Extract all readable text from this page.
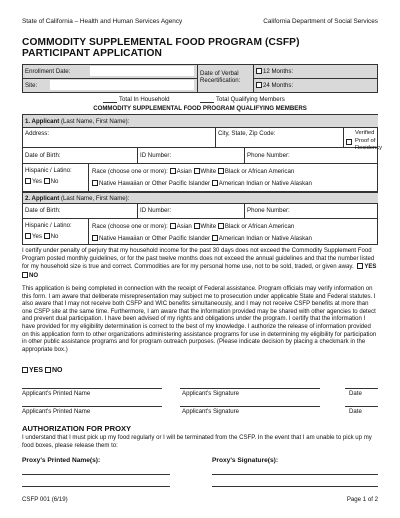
State of California – Health and Human Services Agency	California Department of Social Services
COMMODITY SUPPLEMENTAL FOOD PROGRAM (CSFP)
PARTICIPANT APPLICATION
Enrollment Date:
Site:
Date of Verbal Recertification:
12 Months:
24 Months:
Total In Household	Total Qualifying Members
COMMODITY SUPPLEMENTAL FOOD PROGRAM QUALIFYING MEMBERS
1. Applicant (Last Name, First Name):
Address:	City, State, Zip Code:	Verified Proof of Residency
Date of Birth:	ID Number:	Phone Number:
Hispanic / Latino:
Yes No
Race (choose one or more): Asian White Black or African American
Native Hawaiian or Other Pacific Islander American Indian or Native Alaskan
2. Applicant (Last Name, First Name):
Date of Birth:	ID Number:	Phone Number:
Hispanic / Latino:
Yes No
Race (choose one or more): Asian White Black or African American
Native Hawaiian or Other Pacific Islander American Indian or Native Alaskan
I certify under penalty of perjury that my household income for the past 30 days does not exceed the Commodity Supplement Food Program posted monthly guidelines, or for the past twelve months does not exceed the annual guidelines and that the number listed for my household size is true and correct. Commodities are for my personal home use, not to be sold, traded, or given away. YES NO
This application is being completed in connection with the receipt of Federal assistance. Program officials may verify information on this form. I am aware that deliberate misrepresentation may subject me to prosecution under applicable State and Federal statutes. I also aware that I may not receive both CSFP and WIC benefits simultaneously, and I may not receive CSFP benefits at more than one CSFP site at the same time. Furthermore, I am aware that the information provided may be shared with other agencies to detect and prevent dual participation. I have been advised of my rights and obligations under the program. I certify that the information I have provided for my eligibility determination is correct to the best of my knowledge. I authorize the release of information provided on this application form to other organizations administering assistance programs for use in determining my eligibility for participation in other public assistance programs and for program outreach purposes. (Please indicate decision by placing a checkmark in the appropriate box.)
YES NO
Applicant's Printed Name	Applicant's Signature	Date
Applicant's Printed Name	Applicant's Signature	Date
AUTHORIZATION FOR PROXY
I understand that I must pick up my food regularly or I will be terminated from the CSFP. In the event that I am unable to pick up my food boxes, please release them to:
Proxy's Printed Name(s):	Proxy's Signature(s):
CSFP 001 (6/19)	Page 1 of 2
